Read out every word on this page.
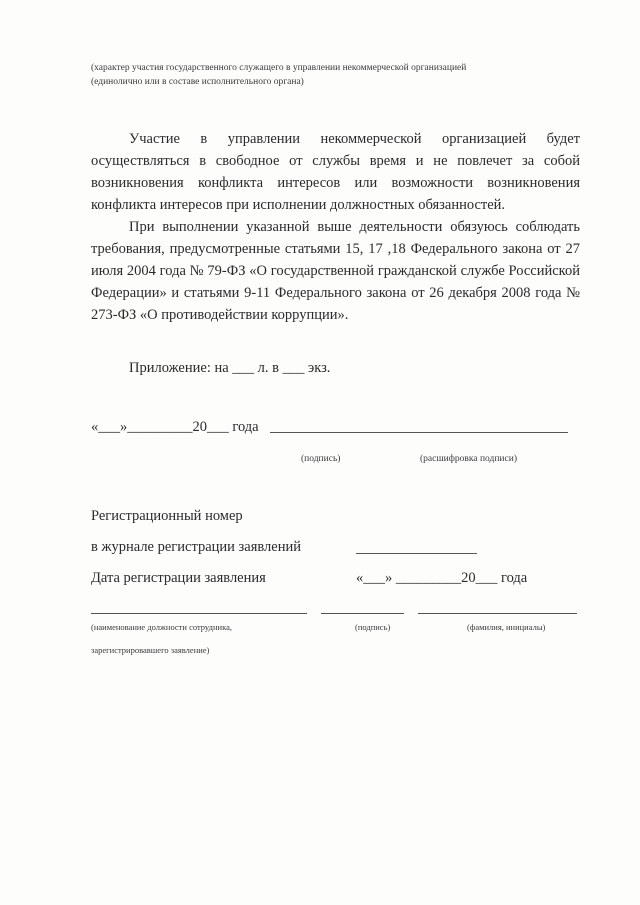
(характер участия государственного служащего в управлении некоммерческой организацией
(единолично или в составе исполнительного органа)
Участие в управлении некоммерческой организацией будет осуществляться в свободное от службы время и не повлечет за собой возникновения конфликта интересов или возможности возникновения конфликта интересов при исполнении должностных обязанностей.
При выполнении указанной выше деятельности обязуюсь соблюдать требования, предусмотренные статьями 15, 17 ,18 Федерального закона от 27 июля 2004 года № 79-ФЗ «О государственной гражданской службе Российской Федерации» и статьями 9-11 Федерального закона от 26 декабря 2008 года № 273-ФЗ «О противодействии коррупции».
Приложение: на ___ л. в ___ экз.
«___»_________20___ года
(подпись)	(расшифровка подписи)
Регистрационный номер
в журнале регистрации заявлений
Дата регистрации заявления	«___» _________20___ года
(наименование должности сотрудника,	(подпись)	(фамилия, инициалы)
зарегистрировавшего заявление)
